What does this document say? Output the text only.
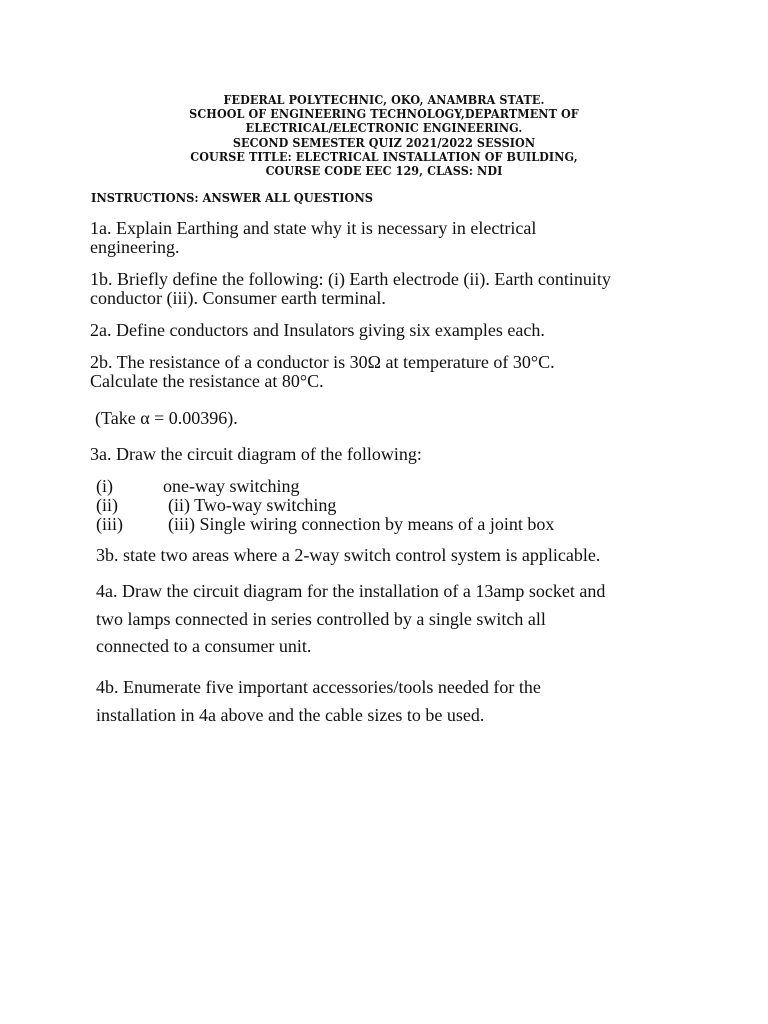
FEDERAL POLYTECHNIC, OKO, ANAMBRA STATE.
SCHOOL OF ENGINEERING TECHNOLOGY,DEPARTMENT OF
ELECTRICAL/ELECTRONIC ENGINEERING.
SECOND SEMESTER QUIZ 2021/2022 SESSION
COURSE TITLE: ELECTRICAL INSTALLATION OF BUILDING,
COURSE CODE EEC 129, CLASS: NDI
INSTRUCTIONS: ANSWER ALL QUESTIONS
1a. Explain Earthing and state why it is necessary in electrical
engineering.
1b. Briefly define the following: (i) Earth electrode (ii). Earth continuity
conductor (iii). Consumer earth terminal.
2a. Define conductors and Insulators giving six examples each.
2b. The resistance of a conductor is 30Ω at temperature of 30°C.
Calculate the resistance at 80°C.
(Take α = 0.00396).
3a. Draw the circuit diagram of the following:
(i)	one-way switching
(ii)	(ii) Two-way switching
(iii)	(iii) Single wiring connection by means of a joint box
3b. state two areas where a 2-way switch control system is applicable.
4a. Draw the circuit diagram for the installation of a 13amp socket and
two lamps connected in series controlled by a single switch all
connected to a consumer unit.
4b. Enumerate five important accessories/tools needed for the
installation in 4a above and the cable sizes to be used.
